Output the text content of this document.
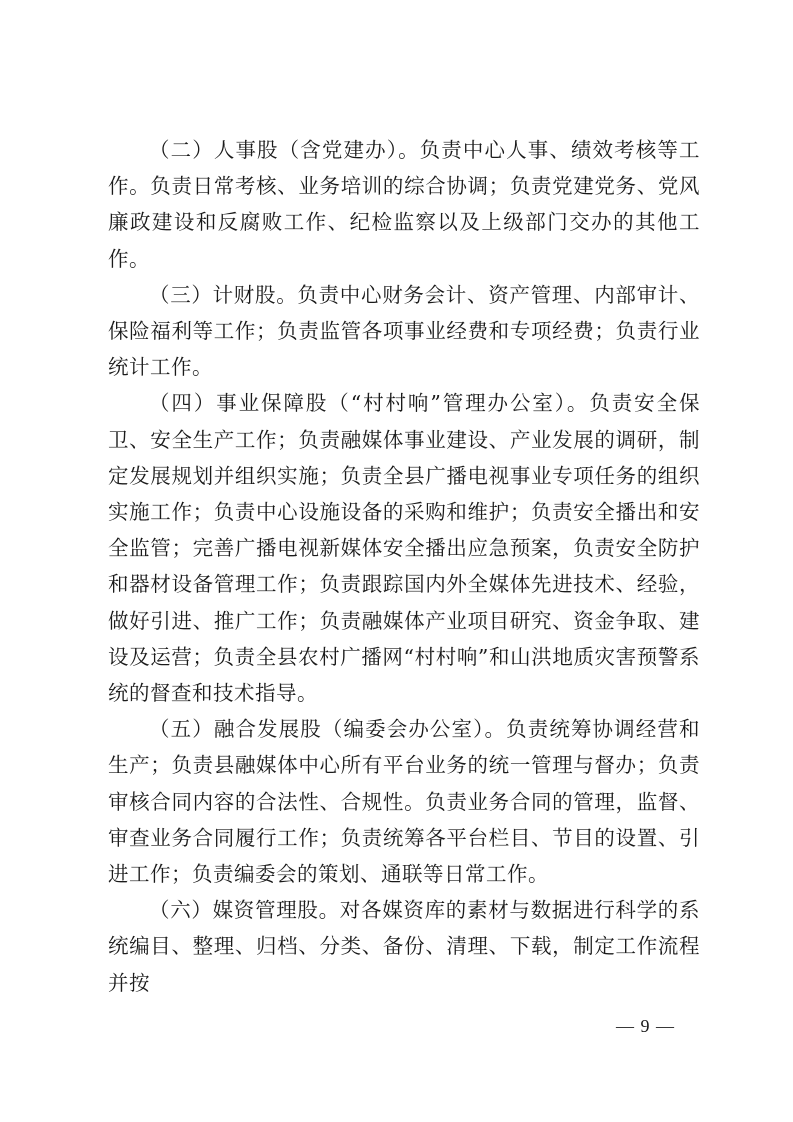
（二）人事股（含党建办）。负责中心人事、绩效考核等工作。负责日常考核、业务培训的综合协调；负责党建党务、党风廉政建设和反腐败工作、纪检监察以及上级部门交办的其他工作。

（三）计财股。负责中心财务会计、资产管理、内部审计、保险福利等工作；负责监管各项事业经费和专项经费；负责行业统计工作。

（四）事业保障股（“村村响”管理办公室）。负责安全保卫、安全生产工作；负责融媒体事业建设、产业发展的调研，制定发展规划并组织实施；负责全县广播电视事业专项任务的组织实施工作；负责中心设施设备的采购和维护；负责安全播出和安全监管；完善广播电视新媒体安全播出应急预案，负责安全防护和器材设备管理工作；负责跟踪国内外全媒体先进技术、经验，做好引进、推广工作；负责融媒体产业项目研究、资金争取、建设及运营；负责全县农村广播网“村村响”和山洪地质灾害预警系统的督查和技术指导。

（五）融合发展股（编委会办公室）。负责统筹协调经营和生产；负责县融媒体中心所有平台业务的统一管理与督办；负责审核合同内容的合法性、合规性。负责业务合同的管理，监督、审查业务合同履行工作；负责统筹各平台栏目、节目的设置、引进工作；负责编委会的策划、通联等日常工作。

（六）媒资管理股。对各媒资库的素材与数据进行科学的系统编目、整理、归档、分类、备份、清理、下载，制定工作流程并按

— 9 —
